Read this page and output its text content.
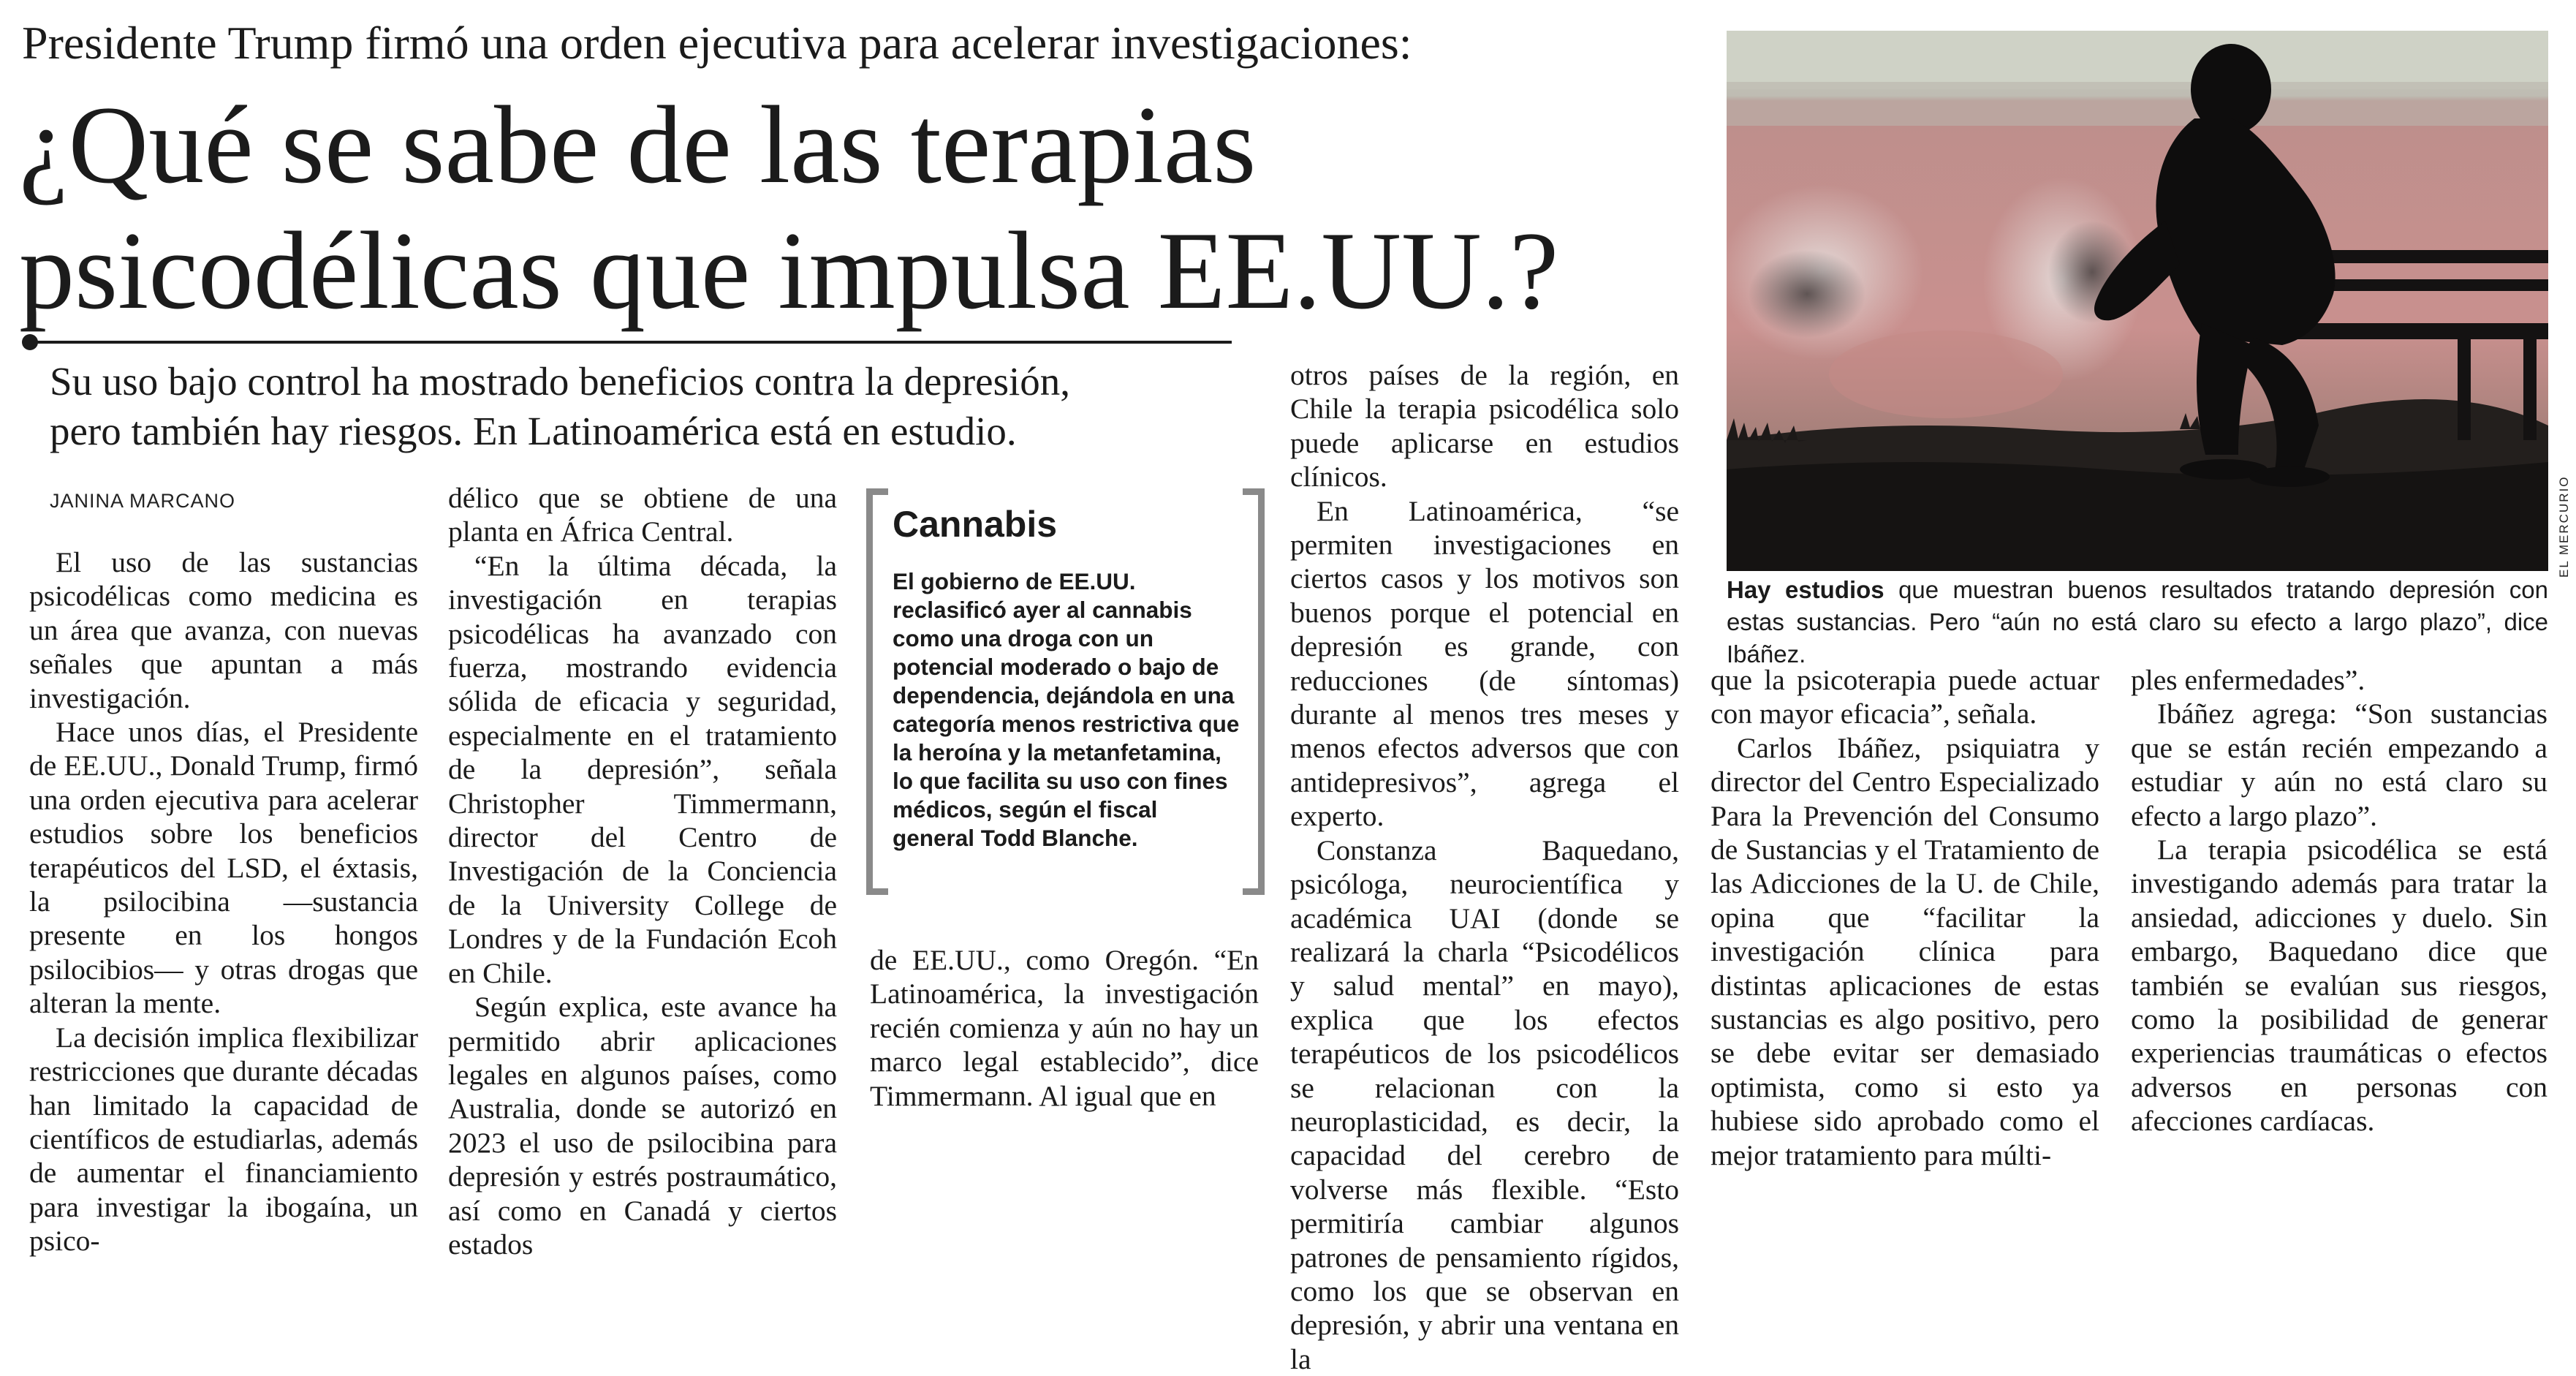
Presidente Trump firmó una orden ejecutiva para acelerar investigaciones:
¿Qué se sabe de las terapias
psicodélicas que impulsa EE.UU.?
Su uso bajo control ha mostrado beneficios contra la depresión,
pero también hay riesgos. En Latinoamérica está en estudio.
JANINA MARCANO

El uso de las sustancias psicodélicas como medicina es un área que avanza, con nuevas señales que apuntan a más investigación.

Hace unos días, el Presidente de EE.UU., Donald Trump, firmó una orden ejecutiva para acelerar estudios sobre los beneficios terapéuticos del LSD, el éxtasis, la psilocibina —sustancia presente en los hongos psilocibios— y otras drogas que alteran la mente.

La decisión implica flexibilizar restricciones que durante décadas han limitado la capacidad de científicos de estudiarlas, además de aumentar el financiamiento para investigar la ibogaína, un psico-

délico que se obtiene de una planta en África Central.

“En la última década, la investigación en terapias psicodélicas ha avanzado con fuerza, mostrando evidencia sólida de eficacia y seguridad, especialmente en el tratamiento de la depresión”, señala Christopher Timmermann, director del Centro de Investigación de la Conciencia de la University College de Londres y de la Fundación Ecoh en Chile.

Según explica, este avance ha permitido abrir aplicaciones legales en algunos países, como Australia, donde se autorizó en 2023 el uso de psilocibina para depresión y estrés postraumático, así como en Canadá y ciertos estados

Cannabis
El gobierno de EE.UU. reclasificó ayer al cannabis como una droga con un potencial moderado o bajo de dependencia, dejándola en una categoría menos restrictiva que la heroína y la metanfetamina, lo que facilita su uso con fines médicos, según el fiscal general Todd Blanche.

de EE.UU., como Oregón. “En Latinoamérica, la investigación recién comienza y aún no hay un marco legal establecido”, dice Timmermann. Al igual que en

otros países de la región, en Chile la terapia psicodélica solo puede aplicarse en estudios clínicos.

En Latinoamérica, “se permiten investigaciones en ciertos casos y los motivos son buenos porque el potencial en depresión es grande, con reducciones (de síntomas) durante al menos tres meses y menos efectos adversos que con antidepresivos”, agrega el experto.

Constanza Baquedano, psicóloga, neurocientífica y académica UAI (donde se realizará la charla “Psicodélicos y salud mental” en mayo), explica que los efectos terapéuticos de los psicodélicos se relacionan con la neuroplasticidad, es decir, la capacidad del cerebro de volverse más flexible. “Esto permitiría cambiar algunos patrones de pensamiento rígidos, como los que se observan en depresión, y abrir una ventana en la

EL MERCURIO
Hay estudios que muestran buenos resultados tratando depresión con estas sustancias. Pero “aún no está claro su efecto a largo plazo”, dice Ibáñez.

que la psicoterapia puede actuar con mayor eficacia”, señala.

Carlos Ibáñez, psiquiatra y director del Centro Especializado Para la Prevención del Consumo de Sustancias y el Tratamiento de las Adicciones de la U. de Chile, opina que “facilitar la investigación clínica para distintas aplicaciones de estas sustancias es algo positivo, pero se debe evitar ser demasiado optimista, como si esto ya hubiese sido aprobado como el mejor tratamiento para múlti-

ples enfermedades”.

Ibáñez agrega: “Son sustancias que se están recién empezando a estudiar y aún no está claro su efecto a largo plazo”.

La terapia psicodélica se está investigando además para tratar la ansiedad, adicciones y duelo. Sin embargo, Baquedano dice que también se evalúan sus riesgos, como la posibilidad de generar experiencias traumáticas o efectos adversos en personas con afecciones cardíacas.
